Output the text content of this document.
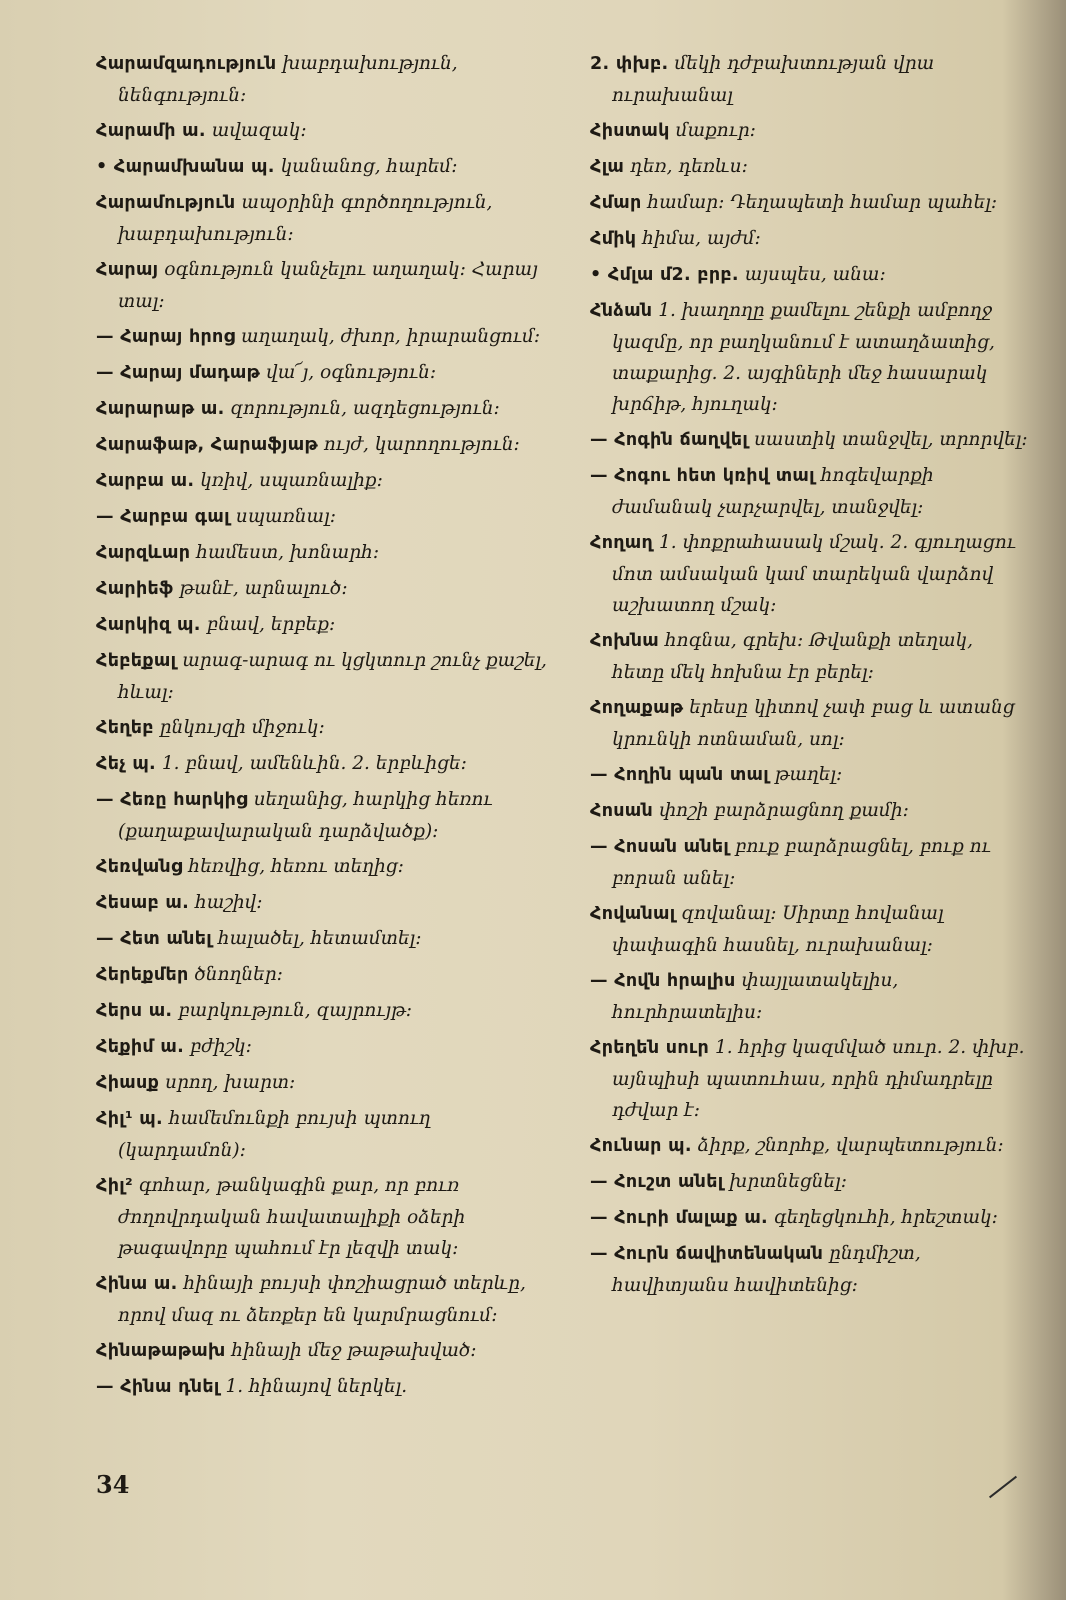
Հարամզադություն խաբդախություն, նենգություն։
Հարամի ա. ավազակ։
• Հարամխանա պ. կանանոց, հարեմ։
Հարամություն ապօրինի գործողություն, խաբդախություն։
Հարայ օգնություն կանչելու աղաղակ։ Հարայ տալ։
— Հարայ հրոց աղաղակ, ժխոր, իրարանցում։
— Հարայ մադաթ վա՜յ, օգնություն։
Հարարաթ ա. զորություն, ազդեցություն։
Հարաֆաթ, Հարաֆյաթ ույժ, կարողություն։
Հարբա ա. կռիվ, սպառնալիք։
— Հարբա գալ սպառնալ։
Հարզևար համեստ, խոնարհ։
Հարիեֆ թանէ, արնալուծ։
Հարկիզ պ. բնավ, երբեք։
Հեբեքալ արագ-արագ ու կցկտուր շունչ քաշել, հևալ։
Հեղեբ ընկույզի միջուկ։
Հեչ պ. 1. բնավ, ամենևին. 2. երբևիցե։
— Հեռը հարկից սեղանից, հարկից հեռու (քաղաքավարական դարձվածք)։
Հեռվանց հեռվից, հեռու տեղից։
Հեսաբ ա. հաշիվ։
— Հետ անել հալածել, հետամտել։
Հերեքմեր ծնողներ։
Հերս ա. բարկություն, զայրույթ։
Հեքիմ ա. բժիշկ։
Հիասք սրող, խարտ։
Հիլ¹ պ. համեմունքի բույսի պտուղ (կարդամոն)։
Հիլ² գոհար, թանկագին քար, որ բուռ ժողովրդական հավատալիքի օձերի թագավորը պահում էր լեզվի տակ։
Հինա ա. հինայի բույսի փոշիացրած տերևը, որով մազ ու ձեռքեր են կարմրացնում։
Հինաթաթախ հինայի մեջ թաթախված։
— Հինա դնել 1. հինայով ներկել.
2. փխբ. մեկի դժբախտության վրա ուրախանալ
Հիստակ մաքուր։
Հլա դեռ, դեռևս։
Հմար համար։ Դեղապետի համար պահել։
Հմիկ հիմա, այժմ։
• Հմլա մ2. բրբ. այսպես, անա։
Հնձան 1. խաղողը քամելու շենքի ամբողջ կազմը, որ բաղկանում է ատաղձատից, տաքարից. 2. այգիների մեջ հասարակ խրճիթ, հյուղակ։
— Հոգին ճաղվել սաստիկ տանջվել, տրորվել։
— Հոգու հետ կռիվ տալ հոգեվարքի ժամանակ չարչարվել, տանջվել։
Հողաղ 1. փոքրահասակ մշակ. 2. գյուղացու մոտ ամսական կամ տարեկան վարձով աշխատող մշակ։
Հոխնա հոգնա, գրեխ։ Թվանքի տեղակ, հետը մեկ հոխնա էր բերել։
Հողաքաթ երեսը կիտով չափ բաց և ատանց կրունկի ոտնաման, սոլ։
— Հողին պան տալ թաղել։
Հոսան փոշի բարձրացնող քամի։
— Հոսան անել բուք բարձրացնել, բուք ու բորան անել։
Հովանալ զովանալ։ Սիրտը հովանալ փափագին հասնել, ուրախանալ։
— Հովն հրալիս փայլատակելիս, հուրհրատելիս։
Հրեղեն սուր 1. հրից կազմված սուր. 2. փխբ. այնպիսի պատուհաս, որին դիմադրելը դժվար է։
Հունար պ. ձիրք, շնորհք, վարպետություն։
— Հուշտ անել խրտնեցնել։
— Հուրի մալաք ա. գեղեցկուհի, հրեշտակ։
— Հուրն ճավիտենական ընդմիշտ, հավիտյանս հավիտենից։
34
